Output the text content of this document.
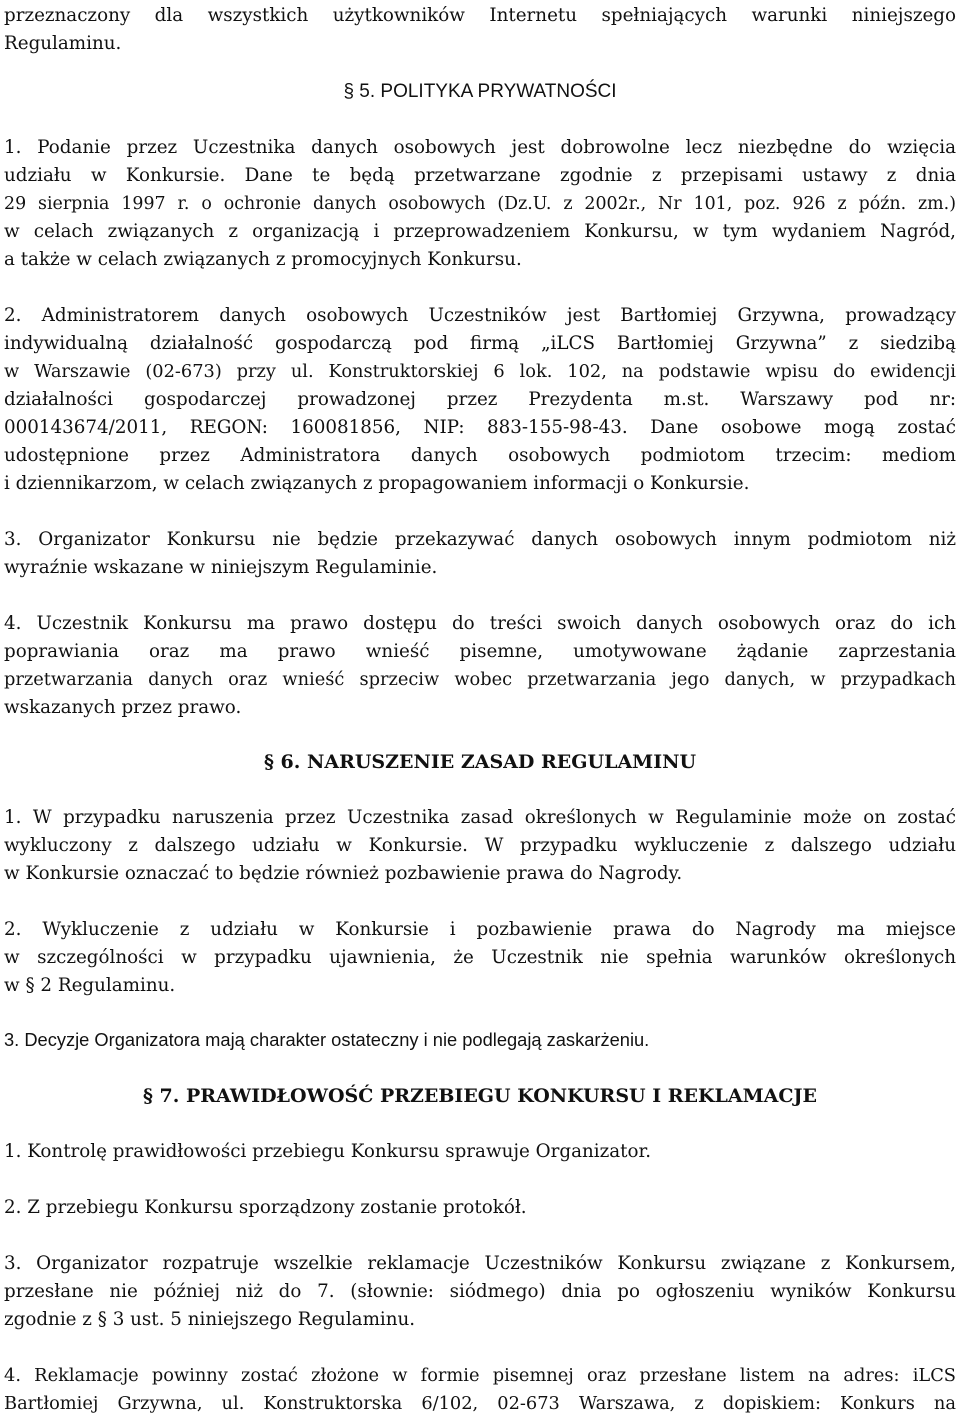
przeznaczony dla wszystkich użytkowników Internetu spełniających warunki niniejszego

Regulaminu.

§ 5. POLITYKA PRYWATNOŚCI

1. Podanie przez Uczestnika danych osobowych jest dobrowolne lecz niezbędne do wzięcia

udziału w Konkursie. Dane te będą przetwarzane zgodnie z przepisami ustawy z dnia

29 sierpnia 1997 r. o ochronie danych osobowych (Dz.U. z 2002r., Nr 101, poz. 926 z późn. zm.)

w celach związanych z organizacją i przeprowadzeniem Konkursu, w tym wydaniem Nagród,

a także w celach związanych z promocyjnych Konkursu.

2. Administratorem danych osobowych Uczestników jest Bartłomiej Grzywna, prowadzący

indywidualną działalność gospodarczą pod firmą „iLCS Bartłomiej Grzywna” z siedzibą

w Warszawie (02-673) przy ul. Konstruktorskiej 6 lok. 102, na podstawie wpisu do ewidencji

działalności gospodarczej prowadzonej przez Prezydenta m.st. Warszawy pod nr:

000143674/2011, REGON: 160081856, NIP: 883-155-98-43. Dane osobowe mogą zostać

udostępnione przez Administratora danych osobowych podmiotom trzecim: mediom

i dziennikarzom, w celach związanych z propagowaniem informacji o Konkursie.

3. Organizator Konkursu nie będzie przekazywać danych osobowych innym podmiotom niż

wyraźnie wskazane w niniejszym Regulaminie.

4. Uczestnik Konkursu ma prawo dostępu do treści swoich danych osobowych oraz do ich

poprawiania oraz ma prawo wnieść pisemne, umotywowane żądanie zaprzestania

przetwarzania danych oraz wnieść sprzeciw wobec przetwarzania jego danych, w przypadkach

wskazanych przez prawo.

§ 6. NARUSZENIE ZASAD REGULAMINU

1. W przypadku naruszenia przez Uczestnika zasad określonych w Regulaminie może on zostać

wykluczony z dalszego udziału w Konkursie. W przypadku wykluczenie z dalszego udziału

w Konkursie oznaczać to będzie również pozbawienie prawa do Nagrody.

2. Wykluczenie z udziału w Konkursie i pozbawienie prawa do Nagrody ma miejsce

w szczególności w przypadku ujawnienia, że Uczestnik nie spełnia warunków określonych

w § 2 Regulaminu.

3. Decyzje Organizatora mają charakter ostateczny i nie podlegają zaskarżeniu.

§ 7. PRAWIDŁOWOŚĆ PRZEBIEGU KONKURSU I REKLAMACJE

1. Kontrolę prawidłowości przebiegu Konkursu sprawuje Organizator.

2. Z przebiegu Konkursu sporządzony zostanie protokół.

3. Organizator rozpatruje wszelkie reklamacje Uczestników Konkursu związane z Konkursem,

przesłane nie później niż do 7. (słownie: siódmego) dnia po ogłoszeniu wyników Konkursu

zgodnie z § 3 ust. 5 niniejszego Regulaminu.

4. Reklamacje powinny zostać złożone w formie pisemnej oraz przesłane listem na adres: iLCS

Bartłomiej Grzywna, ul. Konstruktorska 6/102, 02-673 Warszawa, z dopiskiem: Konkurs na
